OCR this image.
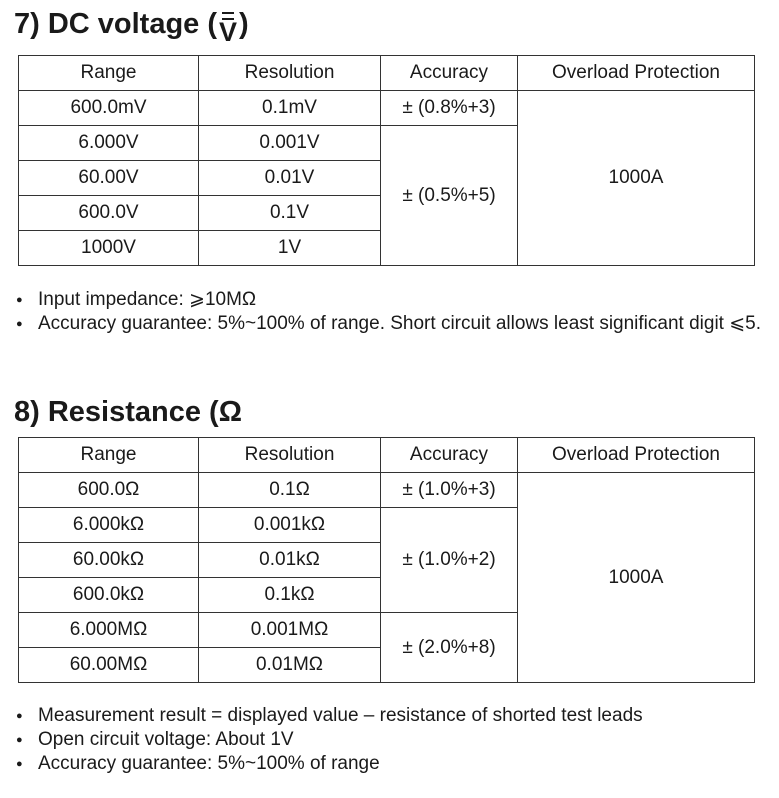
7) DC voltage ( V )
Range	Resolution	Accuracy	Overload Protection
600.0mV	0.1mV	± (0.8%+3)	1000A
6.000V	0.001V	± (0.5%+5)	
60.00V	0.01V		
600.0V	0.1V		
1000V	1V		
● Input impedance: ⩾10MΩ
● Accuracy guarantee: 5%~100% of range. Short circuit allows least significant digit ⩽5.
8) Resistance (Ω
Range	Resolution	Accuracy	Overload Protection
600.0Ω	0.1Ω	± (1.0%+3)	1000A
6.000kΩ	0.001kΩ	± (1.0%+2)	
60.00kΩ	0.01kΩ		
600.0kΩ	0.1kΩ		
6.000MΩ	0.001MΩ	± (2.0%+8)	
60.00MΩ	0.01MΩ		
● Measurement result = displayed value – resistance of shorted test leads
● Open circuit voltage: About 1V
● Accuracy guarantee: 5%~100% of range
